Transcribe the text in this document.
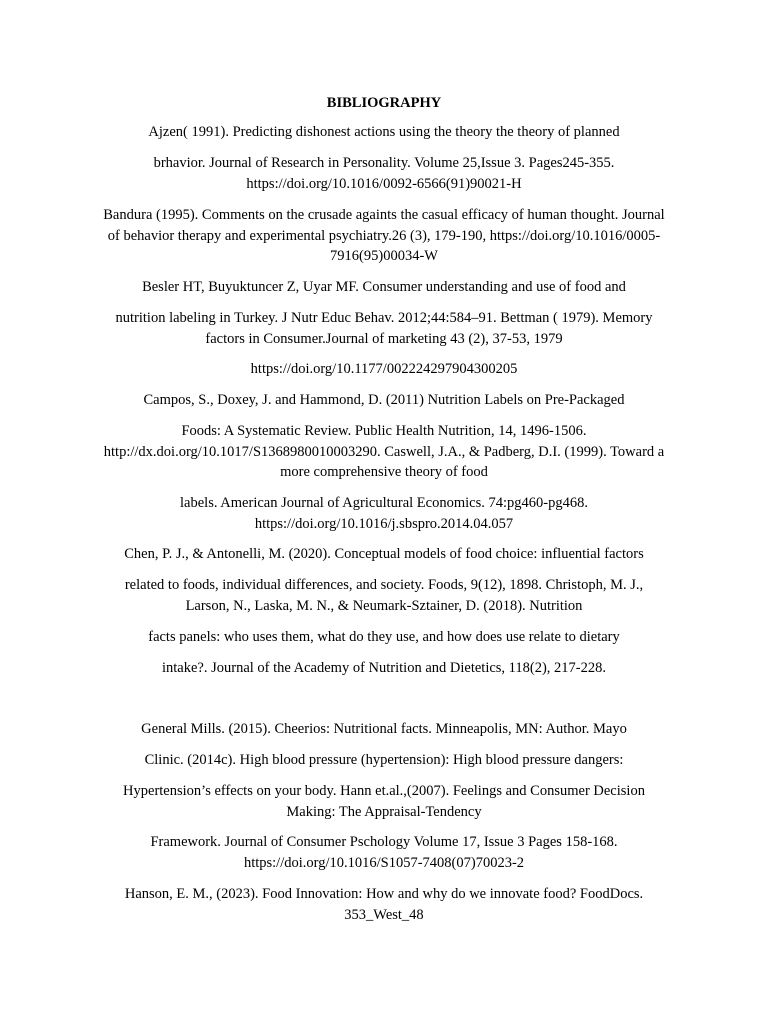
BIBLIOGRAPHY

Ajzen( 1991). Predicting dishonest actions using the theory the theory of planned

brhavior. Journal of Research in Personality. Volume 25,Issue 3. Pages245-355.
https://doi.org/10.1016/0092-6566(91)90021-H

Bandura (1995). Comments on the crusade againts the casual efficacy of human thought. Journal
of behavior therapy and experimental psychiatry.26 (3), 179-190, https://doi.org/10.1016/0005-
7916(95)00034-W

Besler HT, Buyuktuncer Z, Uyar MF. Consumer understanding and use of food and

nutrition labeling in Turkey. J Nutr Educ Behav. 2012;44:584–91. Bettman ( 1979). Memory
factors in Consumer.Journal of marketing 43 (2), 37-53, 1979

https://doi.org/10.1177/002224297904300205

Campos, S., Doxey, J. and Hammond, D. (2011) Nutrition Labels on Pre-Packaged

Foods: A Systematic Review. Public Health Nutrition, 14, 1496-1506.
http://dx.doi.org/10.1017/S1368980010003290. Caswell, J.A., & Padberg, D.I. (1999). Toward a
more comprehensive theory of food

labels. American Journal of Agricultural Economics. 74:pg460-pg468.
https://doi.org/10.1016/j.sbspro.2014.04.057

Chen, P. J., & Antonelli, M. (2020). Conceptual models of food choice: influential factors

related to foods, individual differences, and society. Foods, 9(12), 1898. Christoph, M. J.,
Larson, N., Laska, M. N., & Neumark-Sztainer, D. (2018). Nutrition

facts panels: who uses them, what do they use, and how does use relate to dietary

intake?. Journal of the Academy of Nutrition and Dietetics, 118(2), 217-228.

General Mills. (2015). Cheerios: Nutritional facts. Minneapolis, MN: Author. Mayo

Clinic. (2014c). High blood pressure (hypertension): High blood pressure dangers:

Hypertension’s effects on your body. Hann et.al.,(2007). Feelings and Consumer Decision
Making: The Appraisal-Tendency

Framework. Journal of Consumer Pschology Volume 17, Issue 3 Pages 158-168.
https://doi.org/10.1016/S1057-7408(07)70023-2

Hanson, E. M., (2023). Food Innovation: How and why do we innovate food? FoodDocs.
353_West_48
